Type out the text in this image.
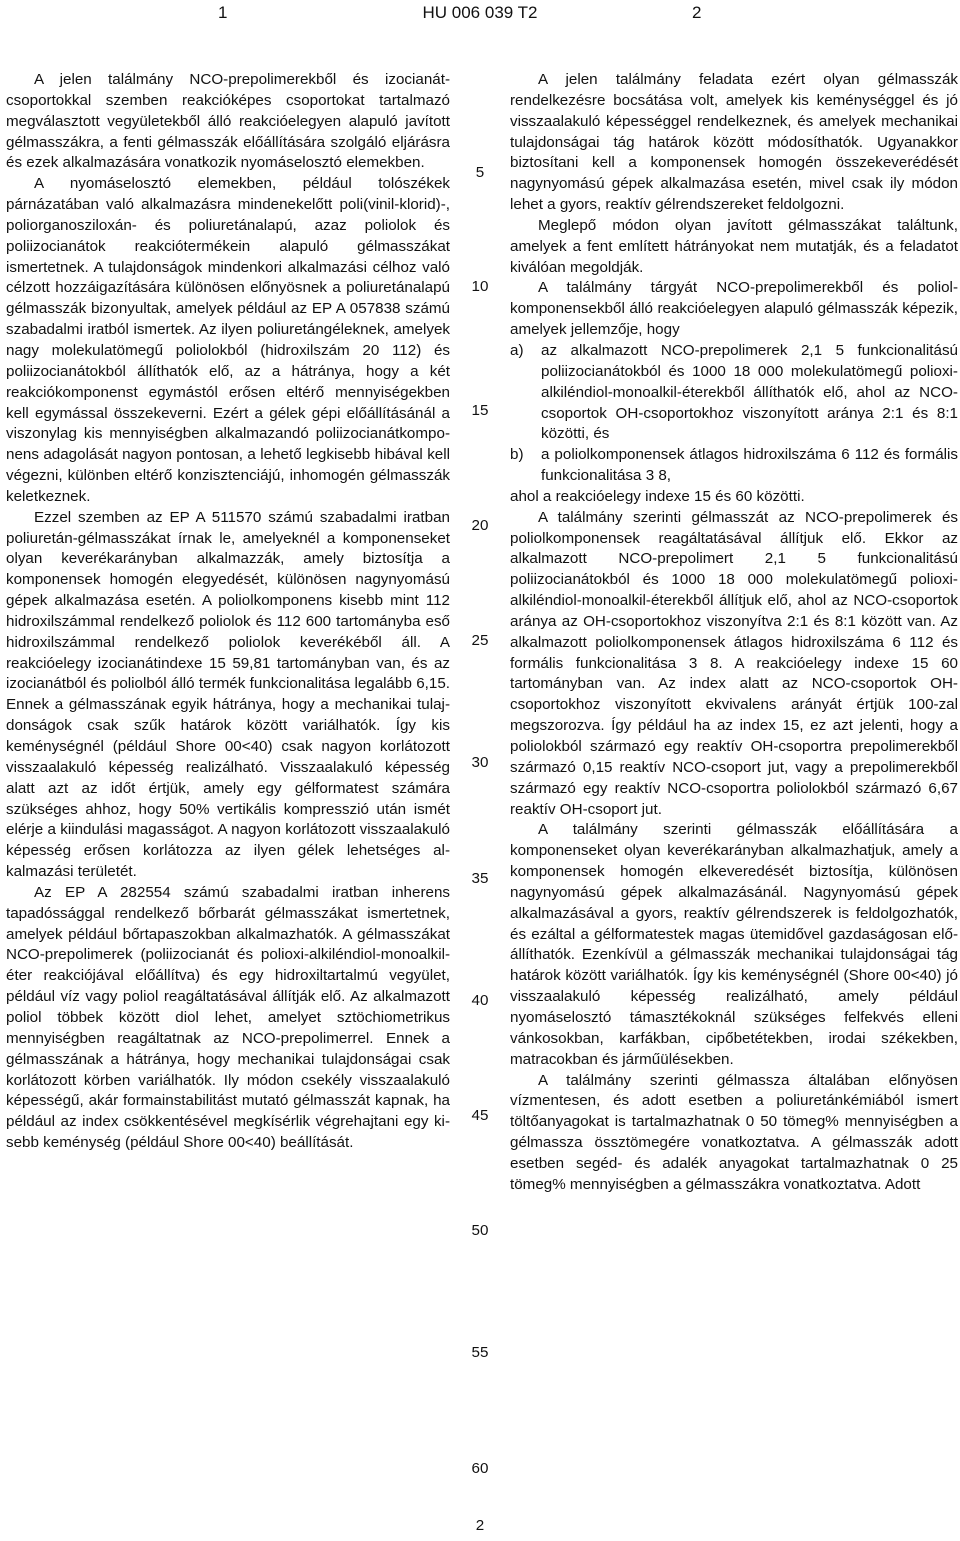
1	HU 006 039 T2	2

A jelen találmány NCO-prepolimerekből és izocianátcsoportokkal szemben reakcióképes csoportokat tartalmazó megválasztott vegyületekből álló reakcióelegyen alapuló javított gélmasszákra, a fenti gélmasszák előállítására szolgáló eljárásra és ezek alkalmazására vonatkozik nyomáselosztó elemekben.

A nyomáselosztó elemekben, például tolószékek párnázatában való alkalmazásra mindenekelőtt poli(vinil-klorid)-, poliorganosziloxán- és poliuretánalapú, azaz poliolok és poliizocianátok reakciótermékein alapuló gélmasszákat ismertetnek. A tulajdonságok mindenkori alkalmazási célhoz való célzott hozzáigazítására különösen előnyösnek a poliuretánalapú gélmasszák bizonyultak, amelyek például az EP A 057838 számú szabadalmi iratból ismertek. Az ilyen poliuretángéleknek, amelyek nagy molekulatömegű poliolokból (hidroxilszám 20 112) és poliizocianátokból állíthatók elő, az a hátránya, hogy a két reakciókomponenst egymástól erősen eltérő mennyiségekben kell egymással összekeverni. Ezért a gélek gépi előállításánál a viszonylag kis mennyiségben alkalmazandó poliizocianátkomponens adagolását nagyon pontosan, a lehető legkisebb hibával kell végezni, különben eltérő konzisztenciájú, inhomogén gélmasszák keletkeznek.

Ezzel szemben az EP A 511570 számú szabadalmi iratban poliuretán-gélmasszákat írnak le, amelyeknél a komponenseket olyan keverékarányban alkalmazzák, amely biztosítja a komponensek homogén elegyedését, különösen nagynyomású gépek alkalmazása esetén. A poliolkomponens kisebb mint 112 hidroxilszámmal rendelkező poliolok és 112 600 tartományba eső hidroxilszámmal rendelkező poliolok keverékéből áll. A reakcióelegy izocianátindexe 15 59,81 tartományban van, és az izocianátból és poliolból álló termék funkcionalitása legalább 6,15. Ennek a gélmasszának egyik hátránya, hogy a mechanikai tulajdonságok csak szűk határok között variálhatók. Így kis keménységnél (például Shore 00<40) csak nagyon korlátozott visszaalakuló képesség realizálható. Visszaalakuló képesség alatt azt az időt értjük, amely egy gélformatest számára szükséges ahhoz, hogy 50% vertikális kompresszió után ismét elérje a kiindulási magasságot. A nagyon korlátozott visszaalakuló képesség erősen korlátozza az ilyen gélek lehetséges alkalmazási területét.

Az EP A 282554 számú szabadalmi iratban inherens tapadóssággal rendelkező bőrbarát gélmasszákat ismertetnek, amelyek például bőrtapaszokban alkalmazhatók. A gélmasszákat NCO-prepolimerek (poliizocianát és polioxi-alkiléndiol-monoalkil-éter reakciójával előállítva) és egy hidroxiltartalmú vegyület, például víz vagy poliol reagáltatásával állítják elő. Az alkalmazott poliol többek között diol lehet, amelyet sztöchiometrikus mennyiségben reagáltatnak az NCO-prepolimerrel. Ennek a gélmasszának a hátránya, hogy mechanikai tulajdonságai csak korlátozott körben variálhatók. Ily módon csekély visszaalakuló képességű, akár formainstabilitást mutató gélmasszát kapnak, ha például az index csökkentésével megkísérlik végrehajtani egy kisebb keménység (például Shore 00<40) beállítását.

5
10
15
20
25
30
35
40
45
50
55
60

A jelen találmány feladata ezért olyan gélmasszák rendelkezésre bocsátása volt, amelyek kis keménységgel és jó visszaalakuló képességgel rendelkeznek, és amelyek mechanikai tulajdonságai tág határok között módosíthatók. Ugyanakkor biztosítani kell a komponensek homogén összekeverédését nagynyomású gépek alkalmazása esetén, mivel csak ily módon lehet a gyors, reaktív gélrendszereket feldolgozni.

Meglepő módon olyan javított gélmasszákat találtunk, amelyek a fent említett hátrányokat nem mutatják, és a feladatot kiválóan megoldják.

A találmány tárgyát NCO-prepolimerekből és poliolkomponensekből álló reakcióelegyen alapuló gélmasszák képezik, amelyek jellemzője, hogy

a)	az alkalmazott NCO-prepolimerek 2,1 5 funkcionalitású poliizocianátokból és 1000 18 000 molekulatömegű polioxi-alkiléndiol-monoalkil-éterekből állíthatók elő, ahol az NCO-csoportok OH-csoportokhoz viszonyított aránya 2:1 és 8:1 közötti, és
b)	a poliolkomponensek átlagos hidroxilszáma 6 112 és formális funkcionalitása 3 8,

ahol a reakcióelegy indexe 15 és 60 közötti.

A találmány szerinti gélmasszát az NCO-prepolimerek és poliolkomponensek reagáltatásával állítjuk elő. Ekkor az alkalmazott NCO-prepolimert 2,1 5 funkcionalitású poliizocianátokból és 1000 18 000 molekulatömegű polioxi-alkiléndiol-monoalkil-éterekből állítjuk elő, ahol az NCO-csoportok aránya az OH-csoportokhoz viszonyítva 2:1 és 8:1 között van. Az alkalmazott poliolkomponensek átlagos hidroxilszáma 6 112 és formális funkcionalitása 3 8. A reakcióelegy indexe 15 60 tartományban van. Az index alatt az NCO-csoportok OH-csoportokhoz viszonyított ekvivalens arányát értjük 100-zal megszorozva. Így például ha az index 15, ez azt jelenti, hogy a poliolokból származó egy reaktív OH-csoportra prepolimerekből származó 0,15 reaktív NCO-csoport jut, vagy a prepolimerekből származó egy reaktív NCO-csoportra poliolokból származó 6,67 reaktív OH-csoport jut.

A találmány szerinti gélmasszák előállítására a komponenseket olyan keverékarányban alkalmazhatjuk, amely a komponensek homogén elkeveredését biztosítja, különösen nagynyomású gépek alkalmazásánál. Nagynyomású gépek alkalmazásával a gyors, reaktív gélrendszerek is feldolgozhatók, és ezáltal a gélformatestek magas ütemidővel gazdaságosan előállíthatók. Ezenkívül a gélmasszák mechanikai tulajdonságai tág határok között variálhatók. Így kis keménységnél (Shore 00<40) jó visszaalakuló képesség realizálható, amely például nyomáselosztó támasztékoknál szükséges felfekvés elleni vánkosokban, karfákban, cipőbetétekben, irodai székekben, matracokban és járműülésekben.

A találmány szerinti gélmassza általában előnyösen vízmentesen, és adott esetben a poliuretánkémiából ismert töltőanyagokat is tartalmazhatnak 0 50 tömeg% mennyiségben a gélmassza össztömegére vonatkoztatva. A gélmasszák adott esetben segéd- és adalék anyagokat tartalmazhatnak 0 25 tömeg% mennyiségben a gélmasszákra vonatkoztatva. Adott

2
